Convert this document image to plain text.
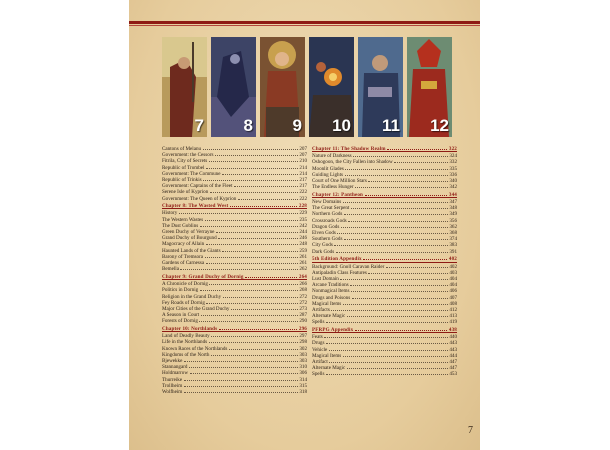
7 8 9 10 11 12
Cantons of Melanu	207
Government: the Cessors	207
Fitrila, City of Secrets	210
Republic of Trombel	214
Government: The Commune	214
Republic of Trinkis	217
Government: Captains of the Fleet	217
Serene Isle of Kyprion	222
Government: The Queen of Kyprion	222
Chapter 8: The Wasted West	228
History	229
The Western Wastes	235
The Dust Goblins	242
Green Duchy of Verrayne	244
Grand Duchy of Bourgund	246
Magocracy of Allain	248
Haunted Lands of the Giants	259
Barony of Tremsora	261
Gardens of Carnessa	261
Bemella	262
Chapter 9: Grand Duchy of Dornig	264
A Chronicle of Dornig	266
Politics in Dornig	268
Religion in the Grand Duchy	272
Fey Roads of Dornig	272
Major Cities of the Grand Duchy	273
A Season in Court	287
Forests of Dornig	290
Chapter 10: Northlands	296
Land of Deadly Beauty	297
Life in the Northlands	298
Known Races of the Northlands	302
Kingdoms of the North	303
Bjewekke	303
Stannangard	310
Holdmarrow	306
Thurreike	314
Trollheim	315
Wolfheim	318
Chapter 11: The Shadow Realm	322
Nature of Darkness	324
Oshogoon, the City Fallen into Shadow	332
Moonlit Glades	335
Guiding Lights	336
Court of One Million Stars	340
The Endless Hunger	342
Chapter 12: Pantheon	344
New Domains	347
The Great Serpent	348
Northern Gods	349
Crossroads Gods	356
Dragon Gods	362
Elven Gods	368
Southern Gods	374
City Gods	383
Dark Gods	391
5th Edition Appendix	402
Background: Gnoll Caravan Raider	402
Antipaladin Class Features	403
Lust Domain	404
Arcane Traditions	404
Nonmagical Items	406
Drugs and Poisons	407
Magical Items	408
Artifacts	412
Alternate Magic	413
Spells	419
PFRPG Appendix	438
Feats	440
Drugs	443
Vehicle	443
Magical Items	444
Artifact	447
Alternate Magic	447
Spells	453
7
